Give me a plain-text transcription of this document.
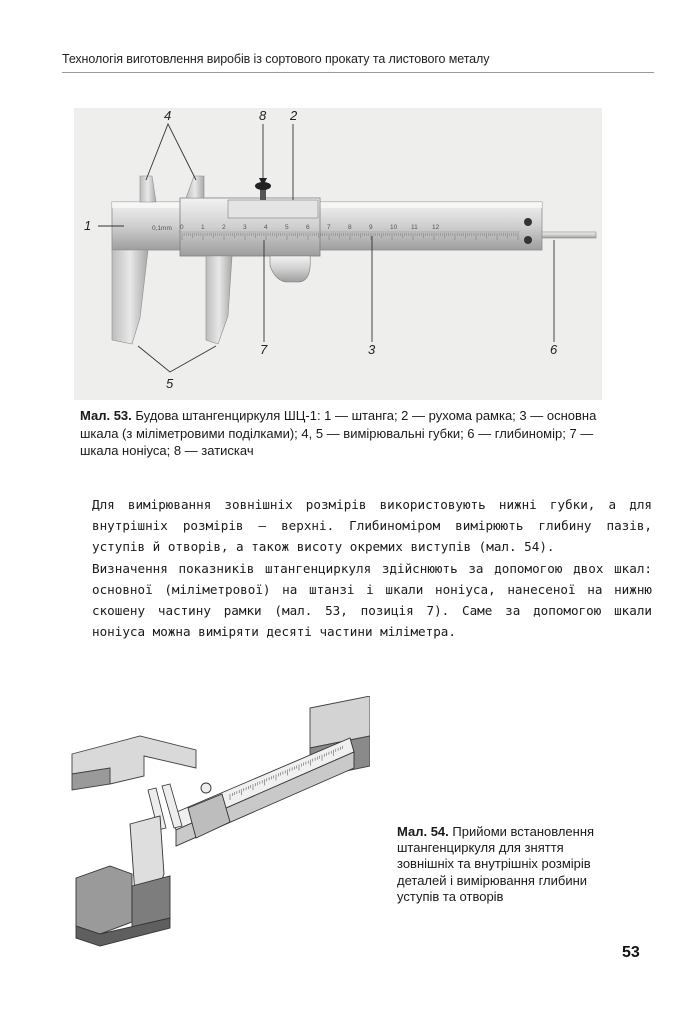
Технологія виготовлення виробів із сортового прокату та листового металу
0	1	2	3	4	5	6	7	8	9	10 11 12
0,1mm
4	8 2
1
7	3	6
5
Мал. 53. Будова штангенциркуля ШЦ-1: 1 — штанга; 2 — рухома рамка; 3 — основна шкала (з міліметровими поділками); 4, 5 — вимірювальні губки; 6 — глибиномір; 7 — шкала ноніуса; 8 — затискач

Для вимірювання зовнішніх розмірів використовують нижні губки, а для внутрішніх розмірів — верхні. Глибиноміром вимірюють глибину пазів, уступів й отворів, а також висоту окремих виступів (мал. 54).

Визначення показників штангенциркуля здійснюють за допомогою двох шкал: основної (міліметрової) на штанзі і шкали ноніуса, нанесеної на нижню скошену частину рамки (мал. 53, позиція 7). Саме за допомогою шкали ноніуса можна виміряти десяті частини міліметра.

Мал. 54. Прийоми встановлення штангенциркуля для зняття зовнішніх та внутрішніх розмірів деталей і вимірювання глибини уступів та отворів
53
